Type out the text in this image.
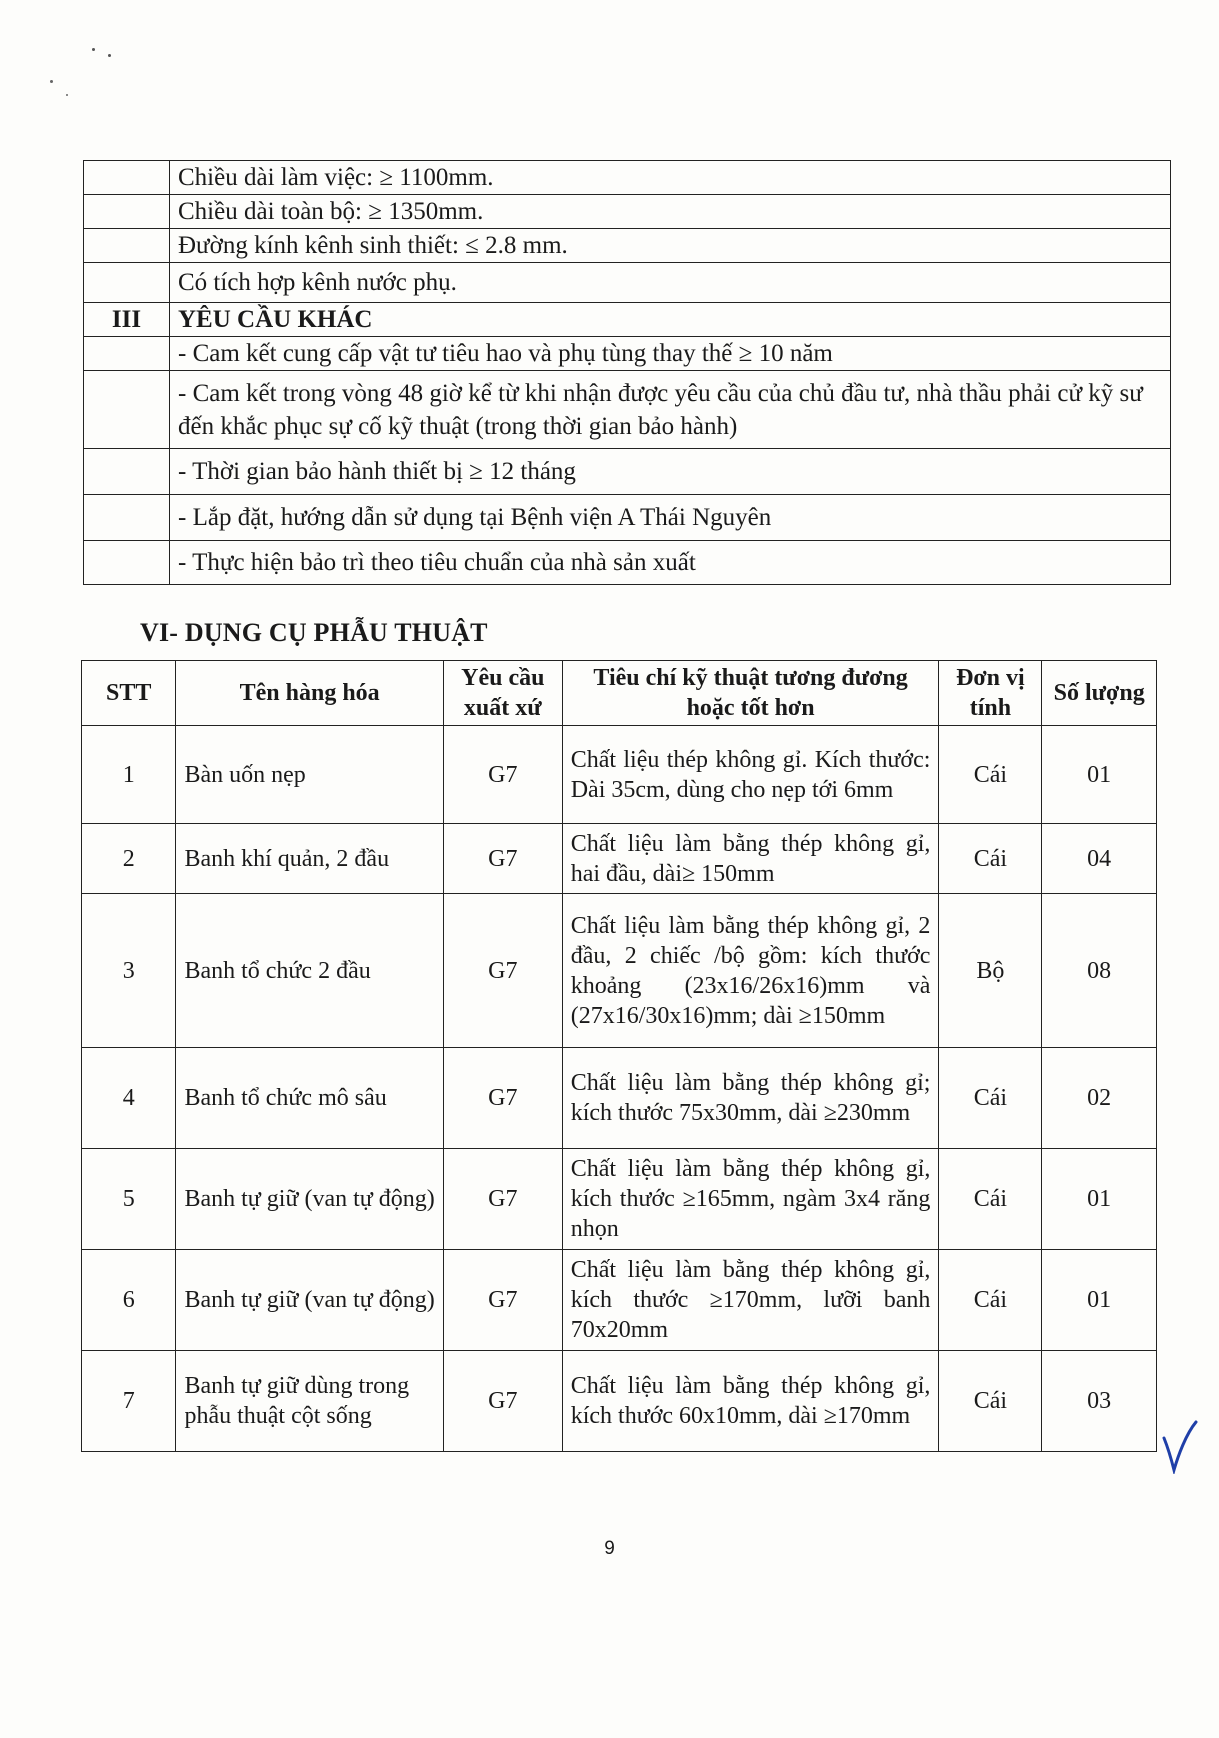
	Chiều dài làm việc: ≥ 1100mm.
	Chiều dài toàn bộ: ≥ 1350mm.
	Đường kính kênh sinh thiết: ≤ 2.8 mm.
	Có tích hợp kênh nước phụ.
III	YÊU CẦU KHÁC
	- Cam kết cung cấp vật tư tiêu hao và phụ tùng thay thế ≥ 10 năm
	- Cam kết trong vòng 48 giờ kể từ khi nhận được yêu cầu của chủ đầu tư, nhà thầu phải cử kỹ sư đến khắc phục sự cố kỹ thuật (trong thời gian bảo hành)
	- Thời gian bảo hành thiết bị ≥ 12 tháng
	- Lắp đặt, hướng dẫn sử dụng tại Bệnh viện A Thái Nguyên
	- Thực hiện bảo trì theo tiêu chuẩn của nhà sản xuất
VI- DỤNG CỤ PHẪU THUẬT
STT	Tên hàng hóa	Yêu cầu xuất xứ	Tiêu chí kỹ thuật tương đương hoặc tốt hơn	Đơn vị tính	Số lượng
1	Bàn uốn nẹp	G7	Chất liệu thép không gỉ. Kích thước: Dài 35cm, dùng cho nẹp tới 6mm	Cái	01
2	Banh khí quản, 2 đầu	G7	Chất liệu làm bằng thép không gỉ, hai đầu, dài≥ 150mm	Cái	04
3	Banh tổ chức 2 đầu	G7	Chất liệu làm bằng thép không gỉ, 2 đầu, 2 chiếc /bộ gồm: kích thước khoảng (23x16/26x16)mm và (27x16/30x16)mm; dài ≥150mm	Bộ	08
4	Banh tổ chức mô sâu	G7	Chất liệu làm bằng thép không gỉ; kích thước 75x30mm, dài ≥230mm	Cái	02
5	Banh tự giữ (van tự động)	G7	Chất liệu làm bằng thép không gỉ, kích thước ≥165mm, ngàm 3x4 răng nhọn	Cái	01
6	Banh tự giữ (van tự động)	G7	Chất liệu làm bằng thép không gỉ, kích thước ≥170mm, lưỡi banh 70x20mm	Cái	01
7	Banh tự giữ dùng trong phẫu thuật cột sống	G7	Chất liệu làm bằng thép không gỉ, kích thước 60x10mm, dài ≥170mm	Cái	03
9
